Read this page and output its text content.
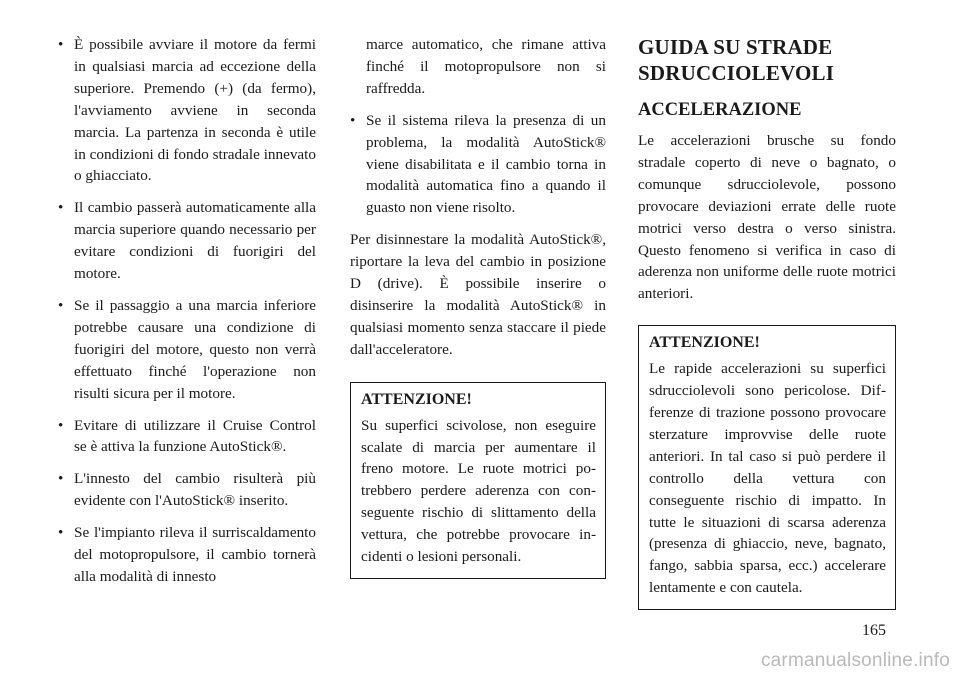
• È possibile avviare il motore da fermi in qualsiasi marcia ad eccezione della superiore. Premendo (+) (da fermo), l'avviamento avviene in seconda marcia. La partenza in seconda è utile in condizioni di fondo stradale innevato o ghiacciato.
• Il cambio passerà automaticamente alla marcia superiore quando necessario per evitare condizioni di fuorigiri del motore.
• Se il passaggio a una marcia inferiore potrebbe causare una condizione di fuorigiri del motore, questo non verrà effettuato finché l'operazione non risulti sicura per il motore.
• Evitare di utilizzare il Cruise Control se è attiva la funzione AutoStick®.
• L'innesto del cambio risulterà più evidente con l'AutoStick® inserito.
• Se l'impianto rileva il surriscaldamento del motopropulsore, il cambio tornerà alla modalità di innesto
marce automatico, che rimane attiva finché il motopropulsore non si raffredda.
• Se il sistema rileva la presenza di un problema, la modalità AutoStick® viene disabilitata e il cambio torna in modalità automatica fino a quando il guasto non viene risolto.

Per disinnestare la modalità AutoStick®, riportare la leva del cambio in posizione D (drive). È possibile inserire o disinserire la modalità AutoStick® in qualsiasi momento senza staccare il piede dall'acceleratore.

ATTENZIONE!
Su superfici scivolose, non eseguire scalate di marcia per aumentare il freno motore. Le ruote motrici potrebbero perdere aderenza con conseguente rischio di slittamento della vettura, che potrebbe provocare incidenti o lesioni personali.
GUIDA SU STRADE SDRUCCIOLEVOLI
ACCELERAZIONE

Le accelerazioni brusche su fondo stradale coperto di neve o bagnato, o comunque sdrucciolevole, possono provocare deviazioni errate delle ruote motrici verso destra o verso sinistra. Questo fenomeno si verifica in caso di aderenza non uniforme delle ruote motrici anteriori.

ATTENZIONE!
Le rapide accelerazioni su superfici sdrucciolevoli sono pericolose. Differenze di trazione possono provocare sterzature improvvise delle ruote anteriori. In tal caso si può perdere il controllo della vettura con conseguente rischio di impatto. In tutte le situazioni di scarsa aderenza (presenza di ghiaccio, neve, bagnato, fango, sabbia sparsa, ecc.) accelerare lentamente e con cautela.
165
carmanualsonline.info
